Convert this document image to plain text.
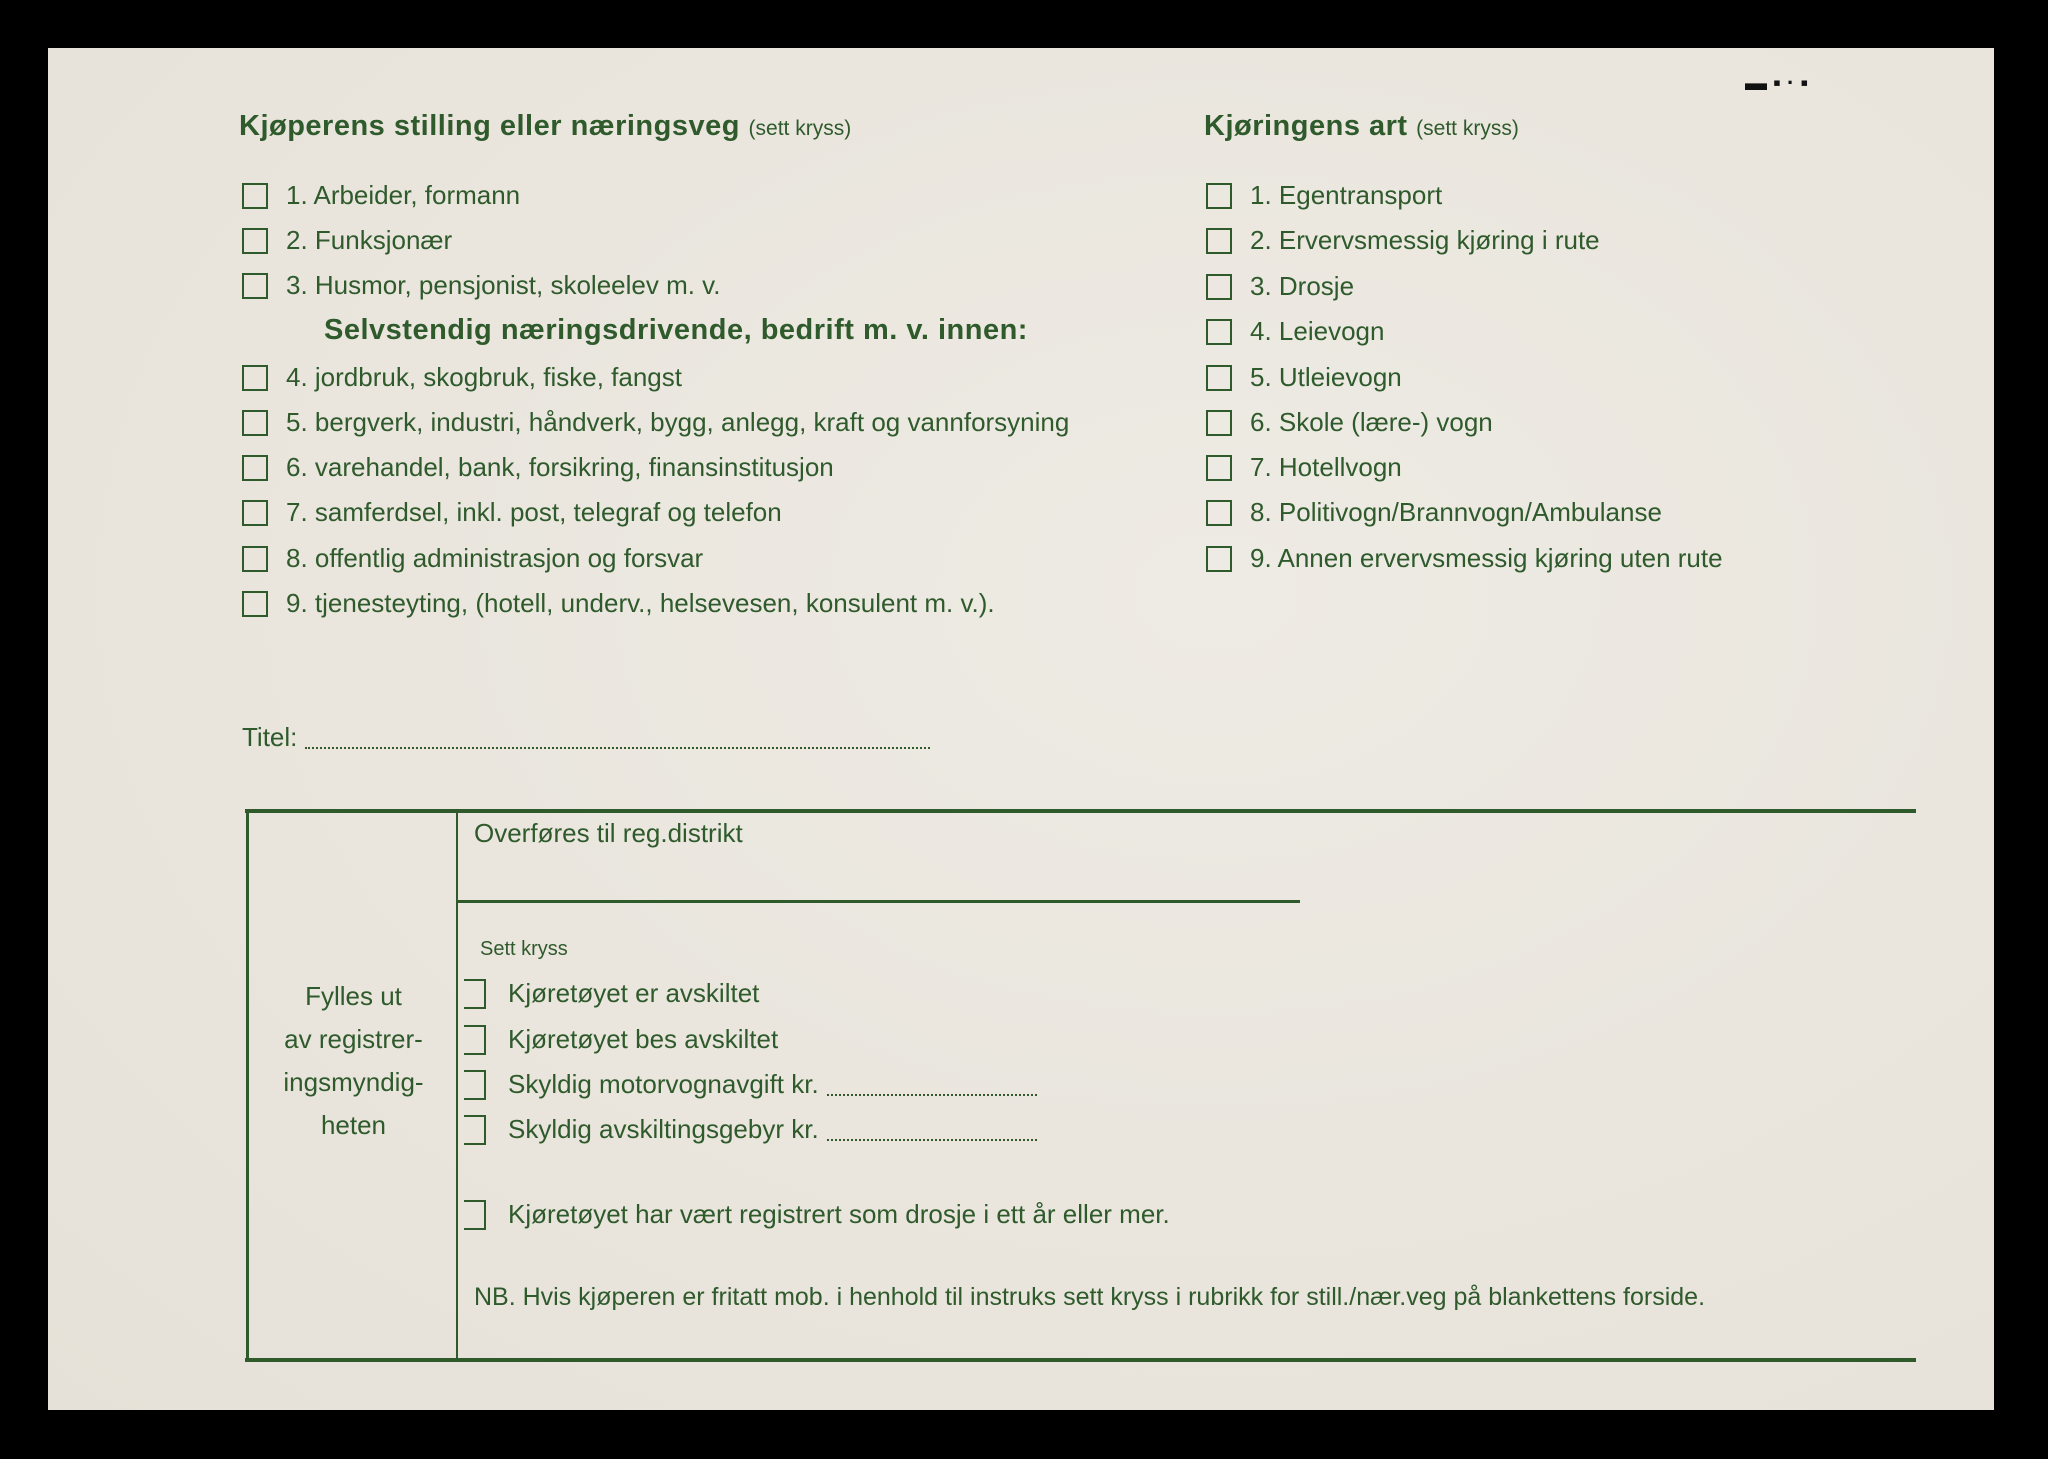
▬ ▪ · ▪
Kjøperens stilling eller næringsveg (sett kryss)
1. Arbeider, formann
2. Funksjonær
3. Husmor, pensjonist, skoleelev m. v.
Selvstendig næringsdrivende, bedrift m. v. innen:
4. jordbruk, skogbruk, fiske, fangst
5. bergverk, industri, håndverk, bygg, anlegg, kraft og vannforsyning
6. varehandel, bank, forsikring, finansinstitusjon
7. samferdsel, inkl. post, telegraf og telefon
8. offentlig administrasjon og forsvar
9. tjenesteyting, (hotell, underv., helsevesen, konsulent m. v.).
Titel:
Kjøringens art (sett kryss)
1. Egentransport
2. Ervervsmessig kjøring i rute
3. Drosje
4. Leievogn
5. Utleievogn
6. Skole (lære-) vogn
7. Hotellvogn
8. Politivogn/Brannvogn/Ambulanse
9. Annen ervervsmessig kjøring uten rute
Fylles ut
av registrer-
ingsmyndig-
heten
Overføres til reg.distrikt
Sett kryss
Kjøretøyet er avskiltet
Kjøretøyet bes avskiltet
Skyldig motorvognavgift kr.
Skyldig avskiltingsgebyr kr.
Kjøretøyet har vært registrert som drosje i ett år eller mer.
NB. Hvis kjøperen er fritatt mob. i henhold til instruks sett kryss i rubrikk for still./nær.veg på blankettens forside.
